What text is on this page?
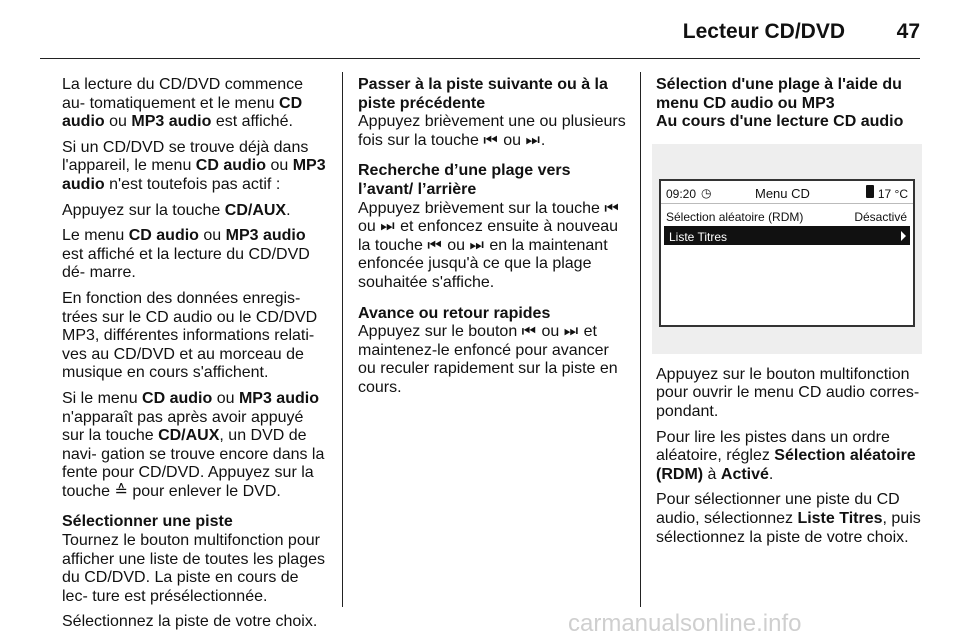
Lecteur CD/DVD 47

La lecture du CD/DVD commence au- tomatiquement et le menu CD audio ou MP3 audio est affiché.

Si un CD/DVD se trouve déjà dans l'appareil, le menu CD audio ou MP3 audio n'est toutefois pas actif :

Appuyez sur la touche CD/AUX.

Le menu CD audio ou MP3 audio est affiché et la lecture du CD/DVD dé- marre.

En fonction des données enregis- trées sur le CD audio ou le CD/DVD MP3, différentes informations relati- ves au CD/DVD et au morceau de musique en cours s'affichent.

Si le menu CD audio ou MP3 audio n'apparaît pas après avoir appuyé sur la touche CD/AUX, un DVD de navi- gation se trouve encore dans la fente pour CD/DVD. Appuyez sur la touche ≙ pour enlever le DVD.

Sélectionner une piste

Tournez le bouton multifonction pour afficher une liste de toutes les plages du CD/DVD. La piste en cours de lec- ture est présélectionnée.

Sélectionnez la piste de votre choix.

Passer à la piste suivante ou à la piste précédente

Appuyez brièvement une ou plusieurs fois sur la touche ⏮ ou ⏭.

Recherche d’une plage vers l’avant/ l’arrière

Appuyez brièvement sur la touche ⏮ ou ⏭ et enfoncez ensuite à nouveau la touche ⏮ ou ⏭ en la maintenant enfoncée jusqu'à ce que la plage souhaitée s'affiche.

Avance ou retour rapides

Appuyez sur le bouton ⏮ ou ⏭ et maintenez-le enfoncé pour avancer ou reculer rapidement sur la piste en cours.

Sélection d'une plage à l'aide du menu CD audio ou MP3
Au cours d'une lecture CD audio
09:20 ◷	Menu CD	17 °C
Sélection aléatoire (RDM)	Désactivé
Liste Titres

Appuyez sur le bouton multifonction pour ouvrir le menu CD audio corres- pondant.

Pour lire les pistes dans un ordre aléatoire, réglez Sélection aléatoire (RDM) à Activé.

Pour sélectionner une piste du CD audio, sélectionnez Liste Titres, puis sélectionnez la piste de votre choix.

carmanualsonline.info
